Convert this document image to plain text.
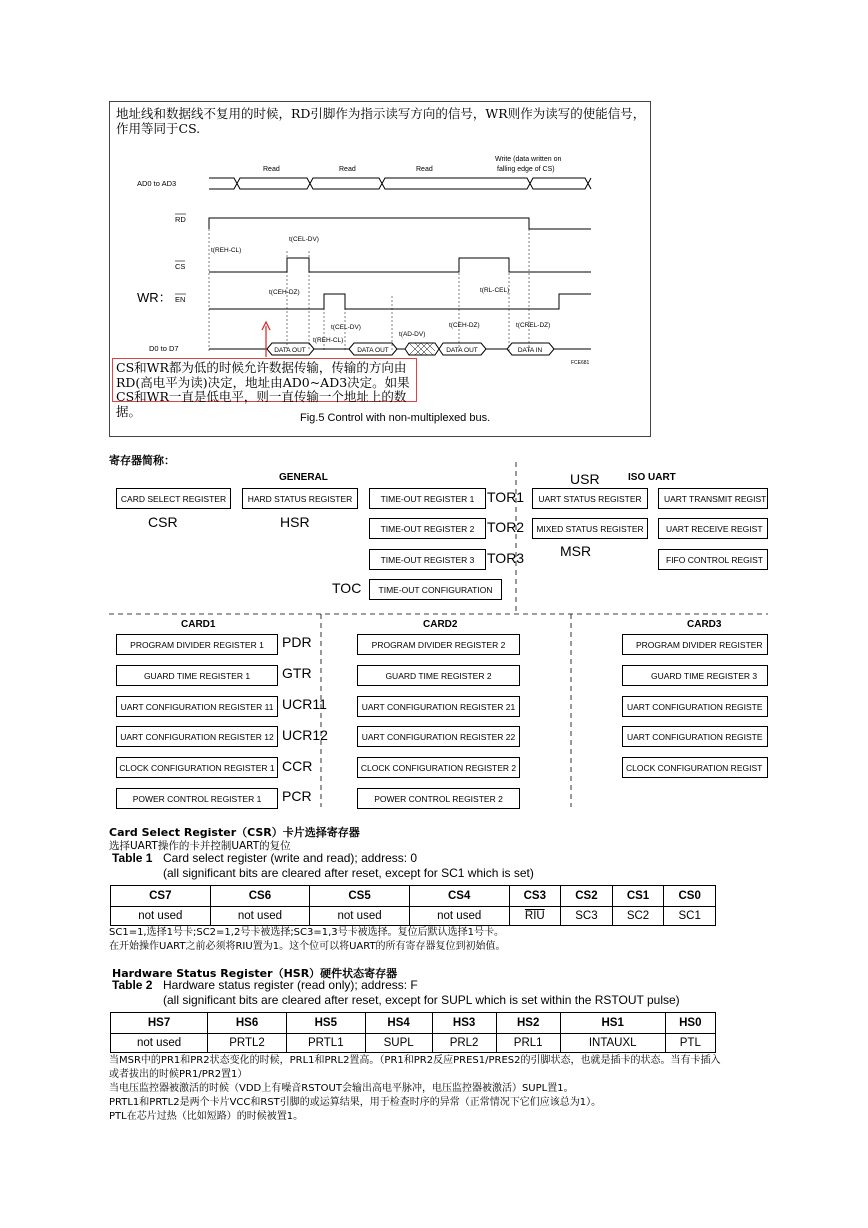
地址线和数据线不复用的时候，RD引脚作为指示读写方向的信号，WR则作为读写的使能信号，作用等同于CS.
AD0 to AD3
RD
CS
WR： EN
D0 to D7
Read	Read	Read
Write (data written on
falling edge of CS)
DATA OUT	DATA OUT	DATA OUT	DATA IN
t(REH-CL)
t(CEL-DV)
t(CEH-DZ)	t(RL-CEL)
t(CEL-DV)
t(REH-CL)
t(AD-DV)
t(CEH-DZ)	t(CREL-DZ)
FCE681
CS和WR都为低的时候允许数据传输，传输的方向由RD(高电平为读)决定，地址由AD0~AD3决定。如果CS和WR一直是低电平，则一直传输一个地址上的数据。	Fig.5 Control with non-multiplexed bus.
寄存器简称：
GENERAL	USR	ISO UART
CARD SELECT REGISTER
CSR
HARD STATUS REGISTER
HSR
TIME-OUT REGISTER 1 TOR1
TIME-OUT REGISTER 2 TOR2
TIME-OUT REGISTER 3 TOR3
TOC	TIME-OUT CONFIGURATION
UART STATUS REGISTER
MIXED STATUS REGISTER
MSR
UART TRANSMIT REGIST
UART RECEIVE REGIST
FIFO CONTROL REGIST
CARD1	CARD2	CARD3
PROGRAM DIVIDER REGISTER 1	PDR
GUARD TIME REGISTER 1	GTR
UART CONFIGURATION REGISTER 11 UCR11
UART CONFIGURATION REGISTER 12 UCR12
CLOCK CONFIGURATION REGISTER 1 CCR
POWER CONTROL REGISTER 1	PCR
PROGRAM DIVIDER REGISTER 2
GUARD TIME REGISTER 2
UART CONFIGURATION REGISTER 21
UART CONFIGURATION REGISTER 22
CLOCK CONFIGURATION REGISTER 2
POWER CONTROL REGISTER 2
PROGRAM DIVIDER REGISTER
GUARD TIME REGISTER 3
UART CONFIGURATION REGISTE
UART CONFIGURATION REGISTE
CLOCK CONFIGURATION REGIST
Card Select Register（CSR）卡片选择寄存器
选择UART操作的卡并控制UART的复位
Table 1 Card select register (write and read); address: 0
(all significant bits are cleared after reset, except for SC1 which is set)
CS7	CS6	CS5	CS4	CS3	CS2	CS1	CS0
not used	not used	not used	not used	$\overline{RIU}$	SC3	SC2	SC1
SC1=1,选择1号卡;SC2=1,2号卡被选择;SC3=1,3号卡被选择。复位后默认选择1号卡。
在开始操作UART之前必须将RIU置为1。这个位可以将UART的所有寄存器复位到初始值。
Hardware Status Register（HSR）硬件状态寄存器
Table 2 Hardware status register (read only); address: F
(all significant bits are cleared after reset, except for SUPL which is set within the RSTOUT pulse)
HS7	HS6	HS5	HS4	HS3	HS2	HS1	HS0
not used	PRTL2	PRTL1	SUPL	PRL2	PRL1	INTAUXL	PTL
当MSR中的PR1和PR2状态变化的时候，PRL1和PRL2置高。（PR1和PR2反应PRES1/PRES2的引脚状态，也就是插卡的状态。当有卡插入
或者拔出的时候PR1/PR2置1）
当电压监控器被激活的时候（VDD上有噪音RSTOUT会输出高电平脉冲，电压监控器被激活）SUPL置1。
PRTL1和PRTL2是两个卡片VCC和RST引脚的或运算结果，用于检查时序的异常（正常情况下它们应该总为1）。
PTL在芯片过热（比如短路）的时候被置1。
